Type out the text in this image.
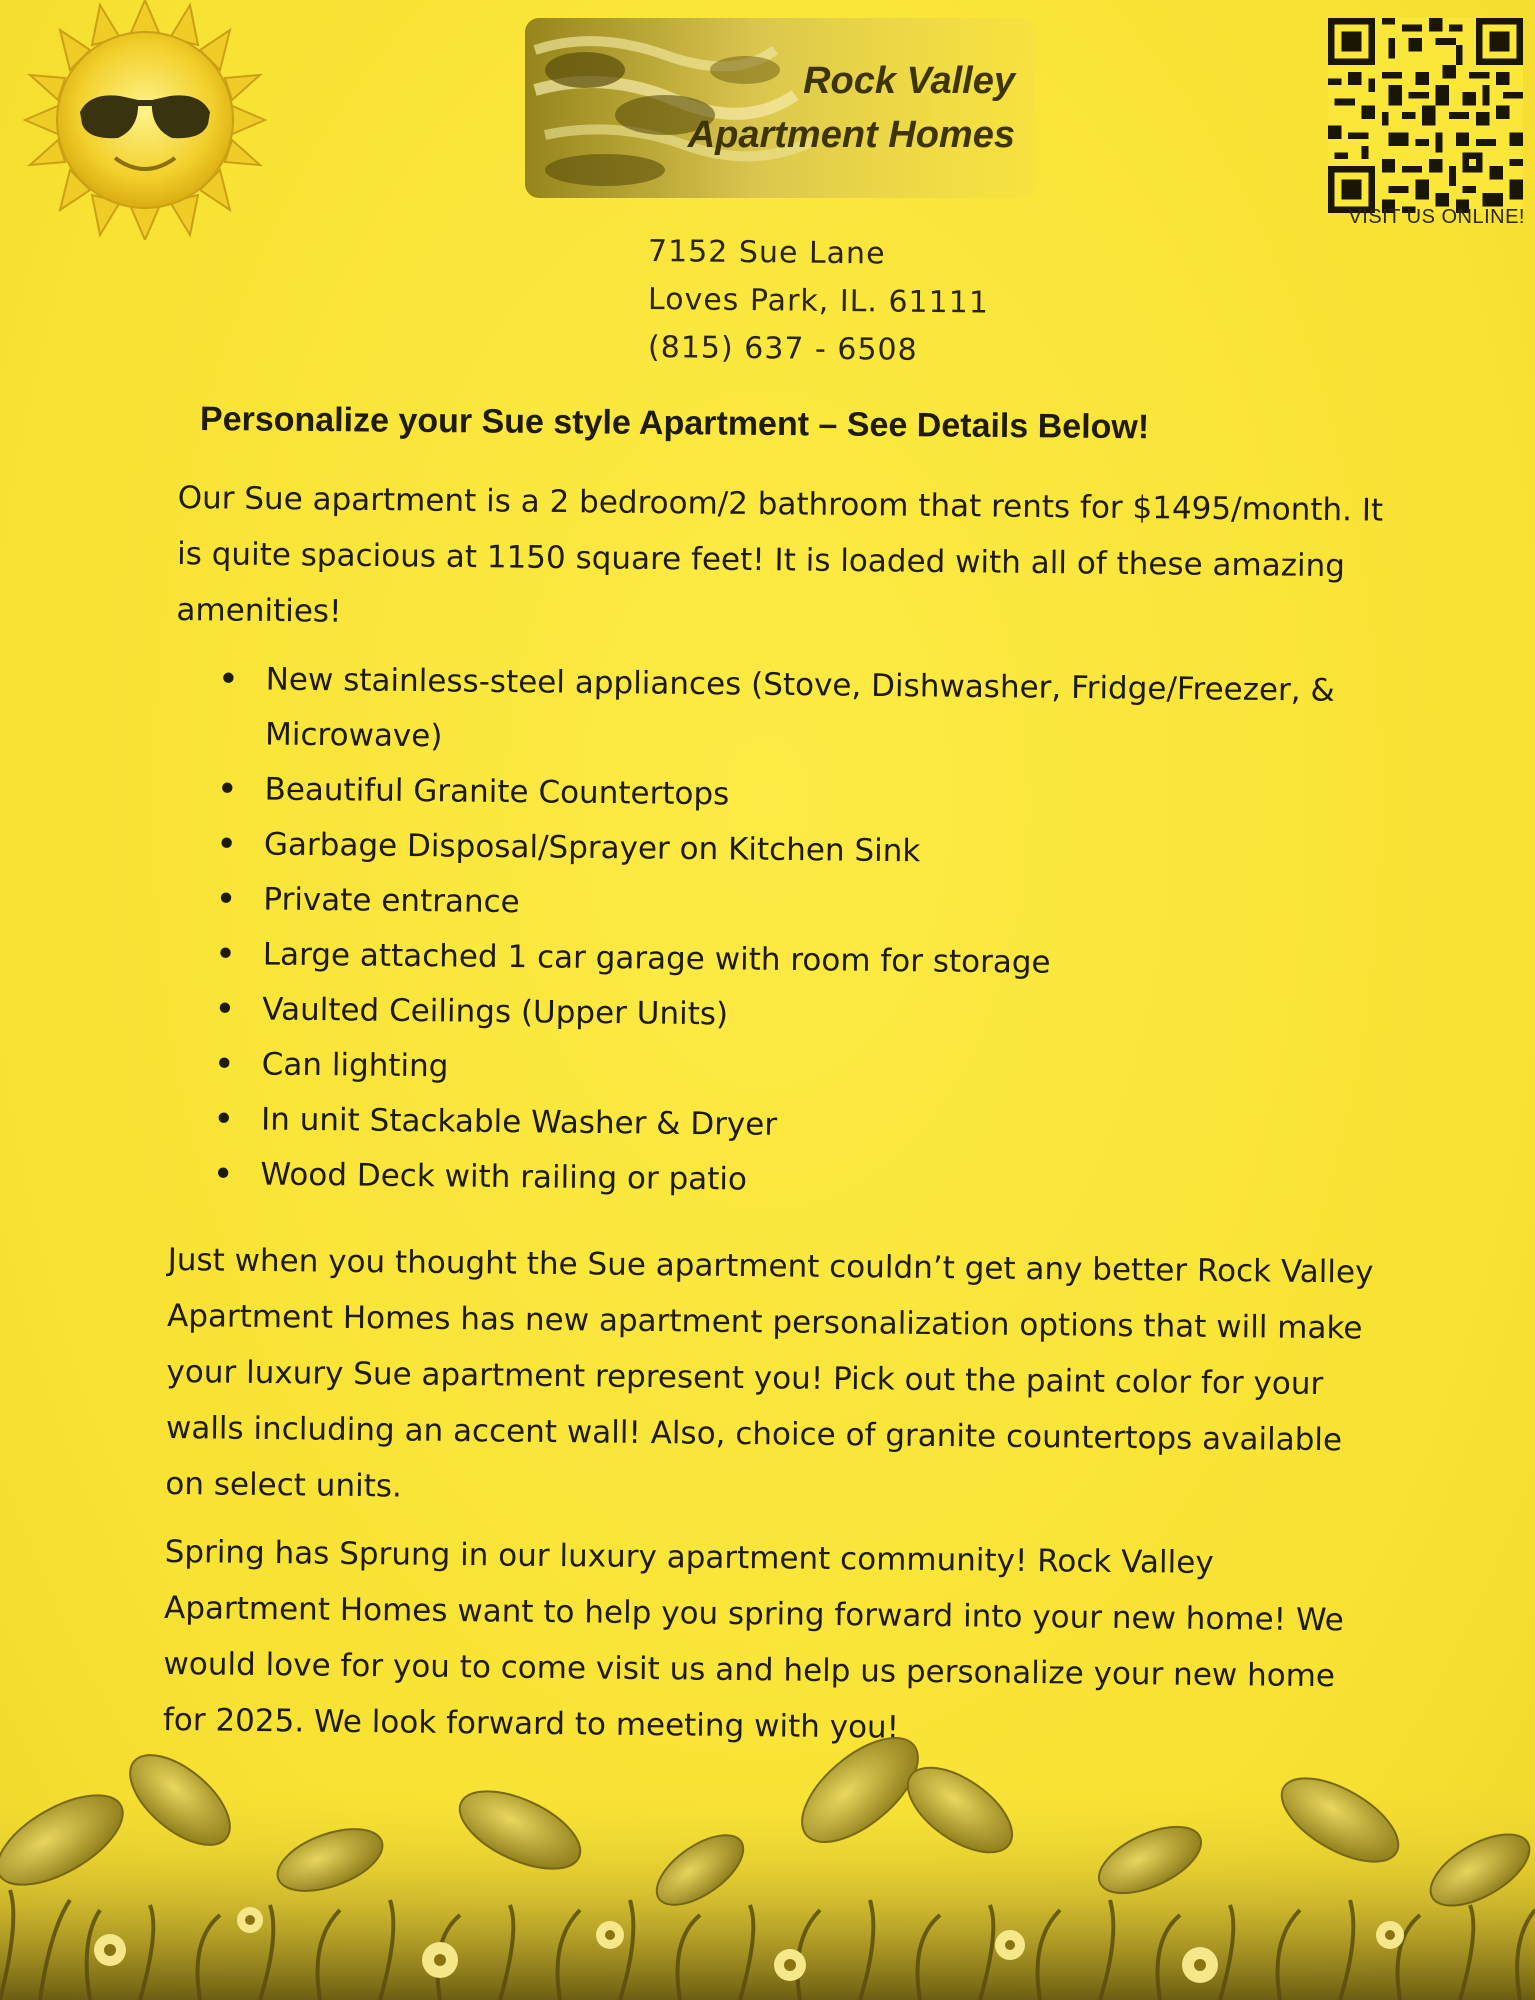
Rock Valley
Apartment Homes
VISIT US ONLINE!
7152 Sue Lane
Loves Park, IL. 61111
(815) 637 - 6508
Personalize your Sue style Apartment – See Details Below!
Our Sue apartment is a 2 bedroom/2 bathroom that rents for $1495/month. It is quite spacious at 1150 square feet! It is loaded with all of these amazing amenities!
• New stainless-steel appliances (Stove, Dishwasher, Fridge/Freezer, & Microwave)
• Beautiful Granite Countertops
• Garbage Disposal/Sprayer on Kitchen Sink
• Private entrance
• Large attached 1 car garage with room for storage
• Vaulted Ceilings (Upper Units)
• Can lighting
• In unit Stackable Washer & Dryer
• Wood Deck with railing or patio
Just when you thought the Sue apartment couldn’t get any better Rock Valley Apartment Homes has new apartment personalization options that will make your luxury Sue apartment represent you! Pick out the paint color for your walls including an accent wall! Also, choice of granite countertops available on select units.
Spring has Sprung in our luxury apartment community! Rock Valley Apartment Homes want to help you spring forward into your new home! We would love for you to come visit us and help us personalize your new home for 2025. We look forward to meeting with you!
